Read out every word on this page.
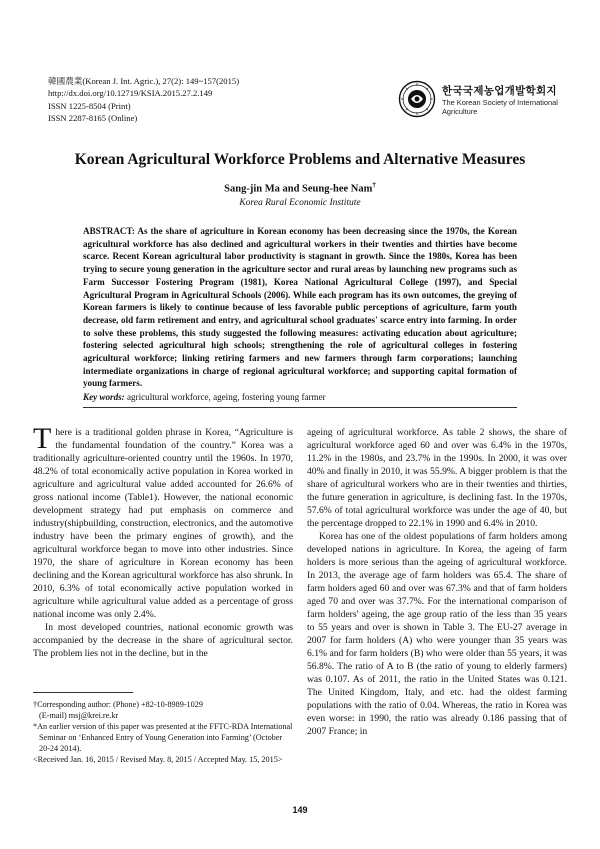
韓國農業(Korean J. Int. Agric.), 27(2): 149~157(2015)
http://dx.doi.org/10.12719/KSIA.2015.27.2.149
ISSN 1225-8504 (Print)
ISSN 2287-8165 (Online)
한국국제농업개발학회지
The Korean Society of International Agriculture
Korean Agricultural Workforce Problems and Alternative Measures
Sang-jin Ma and Seung-hee Nam†
Korea Rural Economic Institute
ABSTRACT: As the share of agriculture in Korean economy has been decreasing since the 1970s, the Korean agricultural workforce has also declined and agricultural workers in their twenties and thirties have become scarce. Recent Korean agricultural labor productivity is stagnant in growth. Since the 1980s, Korea has been trying to secure young generation in the agriculture sector and rural areas by launching new programs such as Farm Successor Fostering Program (1981), Korea National Agricultural College (1997), and Special Agricultural Program in Agricultural Schools (2006). While each program has its own outcomes, the greying of Korean farmers is likely to continue because of less favorable public perceptions of agriculture, farm youth decrease, old farm retirement and entry, and agricultural school graduates' scarce entry into farming. In order to solve these problems, this study suggested the following measures: activating education about agriculture; fostering selected agricultural high schools; strengthening the role of agricultural colleges in fostering agricultural workforce; linking retiring farmers and new farmers through farm corporations; launching intermediate organizations in charge of regional agricultural workforce; and supporting capital formation of young farmers.
Key words: agricultural workforce, ageing, fostering young farmer

There is a traditional golden phrase in Korea, “Agriculture is the fundamental foundation of the country.” Korea was a traditionally agriculture-oriented country until the 1960s. In 1970, 48.2% of total economically active population in Korea worked in agriculture and agricultural value added accounted for 26.6% of gross national income (Table1). However, the national economic development strategy had put emphasis on commerce and industry(shipbuilding, construction, electronics, and the automotive industry have been the primary engines of growth), and the agricultural workforce began to move into other industries. Since 1970, the share of agriculture in Korean economy has been declining and the Korean agricultural workforce has also shrunk. In 2010, 6.3% of total economically active population worked in agriculture while agricultural value added as a percentage of gross national income was only 2.4%.

In most developed countries, national economic growth was accompanied by the decrease in the share of agricultural sector. The problem lies not in the decline, but in the

ageing of agricultural workforce. As table 2 shows, the share of agricultural workforce aged 60 and over was 6.4% in the 1970s, 11.2% in the 1980s, and 23.7% in the 1990s. In 2000, it was over 40% and finally in 2010, it was 55.9%. A bigger problem is that the share of agricultural workers who are in their twenties and thirties, the future generation in agriculture, is declining fast. In the 1970s, 57.6% of total agricultural workforce was under the age of 40, but the percentage dropped to 22.1% in 1990 and 6.4% in 2010.

Korea has one of the oldest populations of farm holders among developed nations in agriculture. In Korea, the ageing of farm holders is more serious than the ageing of agricultural workforce. In 2013, the average age of farm holders was 65.4. The share of farm holders aged 60 and over was 67.3% and that of farm holders aged 70 and over was 37.7%. For the international comparison of farm holders' ageing, the age group ratio of the less than 35 years to 55 years and over is shown in Table 3. The EU-27 average in 2007 for farm holders (A) who were younger than 35 years was 6.1% and for farm holders (B) who were older than 55 years, it was 56.8%. The ratio of A to B (the ratio of young to elderly farmers) was 0.107. As of 2011, the ratio in the United States was 0.121. The United Kingdom, Italy, and etc. had the oldest farming populations with the ratio of 0.04. Whereas, the ratio in Korea was even worse: in 1990, the ratio was already 0.186 passing that of 2007 France; in

†Corresponding author: (Phone) +82-10-8989-1029
(E-mail) msj@krei.re.kr
*An earlier version of this paper was presented at the FFTC-RDA International Seminar on ‘Enhanced Entry of Young Generation into Farming’ (October 20-24 2014).
<Received Jan. 16, 2015 / Revised May. 8, 2015 / Accepted May. 15, 2015>
149
